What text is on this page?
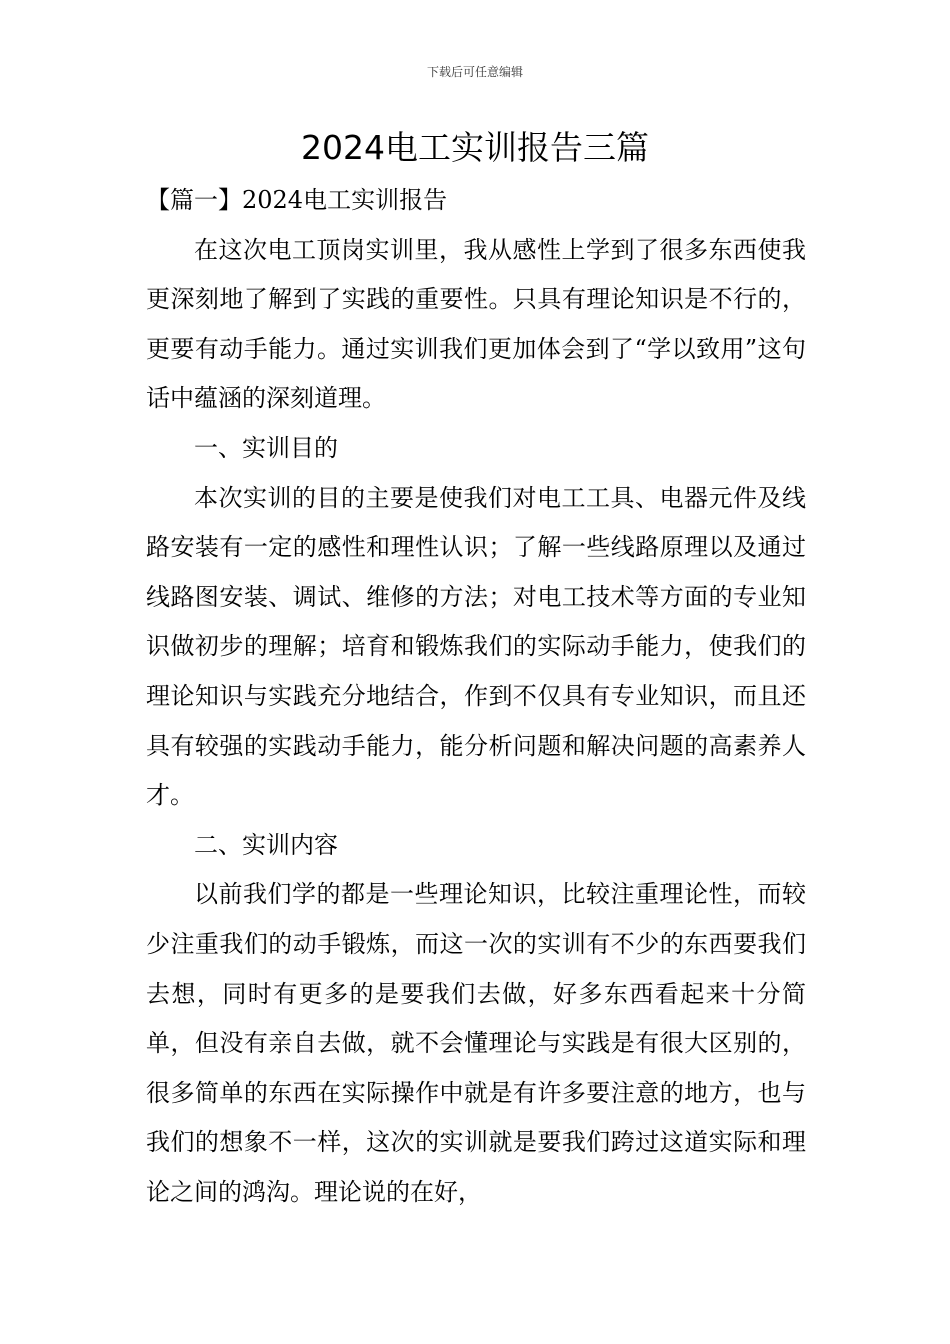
下载后可任意编辑
2024电工实训报告三篇

【篇一】2024电工实训报告

在这次电工顶岗实训里，我从感性上学到了很多东西使我更深刻地了解到了实践的重要性。只具有理论知识是不行的，更要有动手能力。通过实训我们更加体会到了“学以致用”这句话中蕴涵的深刻道理。

一、实训目的

本次实训的目的主要是使我们对电工工具、电器元件及线路安装有一定的感性和理性认识；了解一些线路原理以及通过线路图安装、调试、维修的方法；对电工技术等方面的专业知识做初步的理解；培育和锻炼我们的实际动手能力，使我们的理论知识与实践充分地结合，作到不仅具有专业知识，而且还具有较强的实践动手能力，能分析问题和解决问题的高素养人才。

二、实训内容

以前我们学的都是一些理论知识，比较注重理论性，而较少注重我们的动手锻炼，而这一次的实训有不少的东西要我们去想，同时有更多的是要我们去做，好多东西看起来十分简单，但没有亲自去做，就不会懂理论与实践是有很大区别的，很多简单的东西在实际操作中就是有许多要注意的地方，也与我们的想象不一样，这次的实训就是要我们跨过这道实际和理论之间的鸿沟。理论说的在好，
